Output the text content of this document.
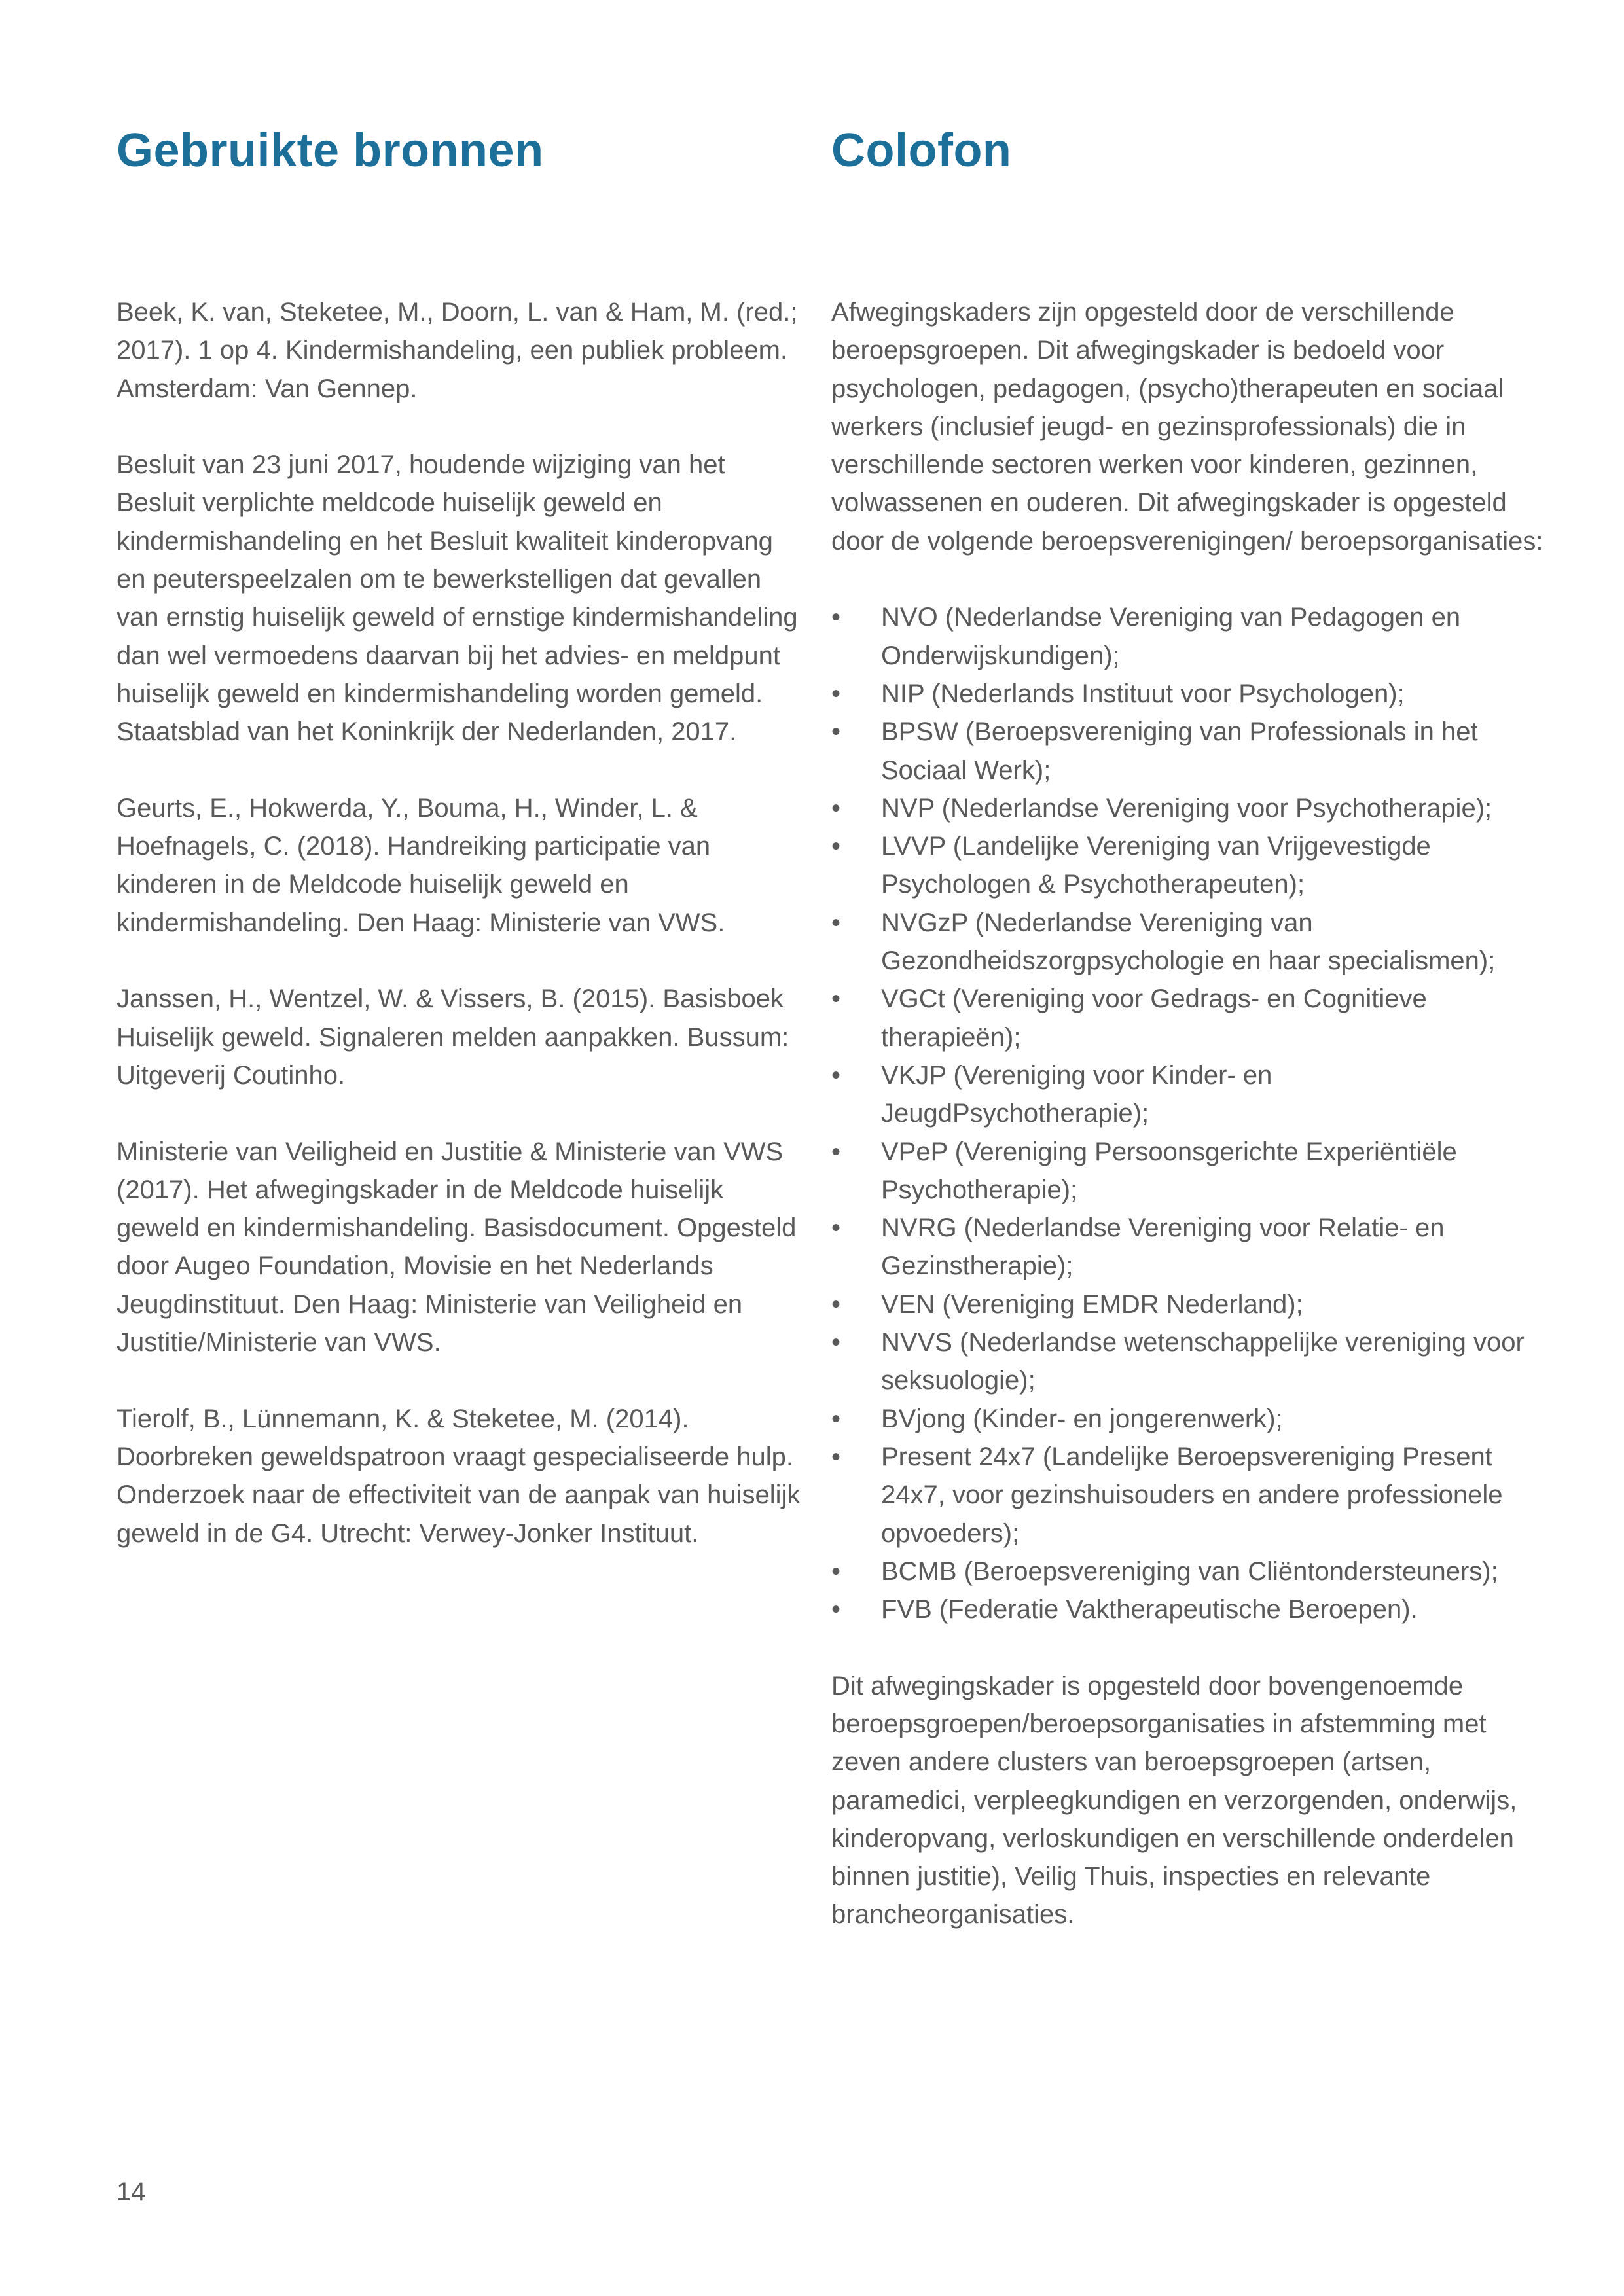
Gebruikte bronnen

Beek, K. van, Steketee, M., Doorn, L. van & Ham, M. (red.; 2017). 1 op 4. Kindermishandeling, een publiek probleem. Amsterdam: Van Gennep.

Besluit van 23 juni 2017, houdende wijziging van het Besluit verplichte meldcode huiselijk geweld en kindermishandeling en het Besluit kwaliteit kinderopvang en peuterspeelzalen om te bewerkstelligen dat gevallen van ernstig huiselijk geweld of ernstige kindermishandeling dan wel vermoedens daarvan bij het advies- en meldpunt huiselijk geweld en kindermishandeling worden gemeld. Staatsblad van het Koninkrijk der Nederlanden, 2017.

Geurts, E., Hokwerda, Y., Bouma, H., Winder, L. & Hoefnagels, C. (2018). Handreiking participatie van kinderen in de Meldcode huiselijk geweld en kindermishandeling. Den Haag: Ministerie van VWS.

Janssen, H., Wentzel, W. & Vissers, B. (2015). Basisboek Huiselijk geweld. Signaleren melden aanpakken. Bussum: Uitgeverij Coutinho.

Ministerie van Veiligheid en Justitie & Ministerie van VWS (2017). Het afwegingskader in de Meldcode huiselijk geweld en kindermishandeling. Basisdocument. Opgesteld door Augeo Foundation, Movisie en het Nederlands Jeugdinstituut. Den Haag: Ministerie van Veiligheid en Justitie/Ministerie van VWS.

Tierolf, B., Lünnemann, K. & Steketee, M. (2014). Doorbreken geweldspatroon vraagt gespecialiseerde hulp. Onderzoek naar de effectiviteit van de aanpak van huiselijk geweld in de G4. Utrecht: Verwey-Jonker Instituut.

Colofon

Afwegingskaders zijn opgesteld door de verschillende beroepsgroepen. Dit afwegingskader is bedoeld voor psychologen, pedagogen, (psycho)therapeuten en sociaal werkers (inclusief jeugd- en gezinsprofessionals) die in verschillende sectoren werken voor kinderen, gezinnen, volwassenen en ouderen. Dit afwegingskader is opgesteld door de volgende beroepsverenigingen/ beroepsorganisaties:

•	NVO (Nederlandse Vereniging van Pedagogen en Onderwijskundigen);
•	NIP (Nederlands Instituut voor Psychologen);
•	BPSW (Beroepsvereniging van Professionals in het Sociaal Werk);
•	NVP (Nederlandse Vereniging voor Psychotherapie);
•	LVVP (Landelijke Vereniging van Vrijgevestigde Psychologen & Psychotherapeuten);
•	NVGzP (Nederlandse Vereniging van Gezondheidszorgpsychologie en haar specialismen);
•	VGCt (Vereniging voor Gedrags- en Cognitieve therapieën);
•	VKJP (Vereniging voor Kinder- en JeugdPsychotherapie);
•	VPeP (Vereniging Persoonsgerichte Experiëntiële Psychotherapie);
•	NVRG (Nederlandse Vereniging voor Relatie- en Gezinstherapie);
•	VEN (Vereniging EMDR Nederland);
•	NVVS (Nederlandse wetenschappelijke vereniging voor seksuologie);
•	BVjong (Kinder- en jongerenwerk);
•	Present 24x7 (Landelijke Beroepsvereniging Present 24x7, voor gezinshuisouders en andere professionele opvoeders);
•	BCMB (Beroepsvereniging van Cliëntondersteuners);
•	FVB (Federatie Vaktherapeutische Beroepen).

Dit afwegingskader is opgesteld door bovengenoemde beroepsgroepen/beroepsorganisaties in afstemming met zeven andere clusters van beroepsgroepen (artsen, paramedici, verpleegkundigen en verzorgenden, onderwijs, kinderopvang, verloskundigen en verschillende onderdelen binnen justitie), Veilig Thuis, inspecties en relevante brancheorganisaties.

14
